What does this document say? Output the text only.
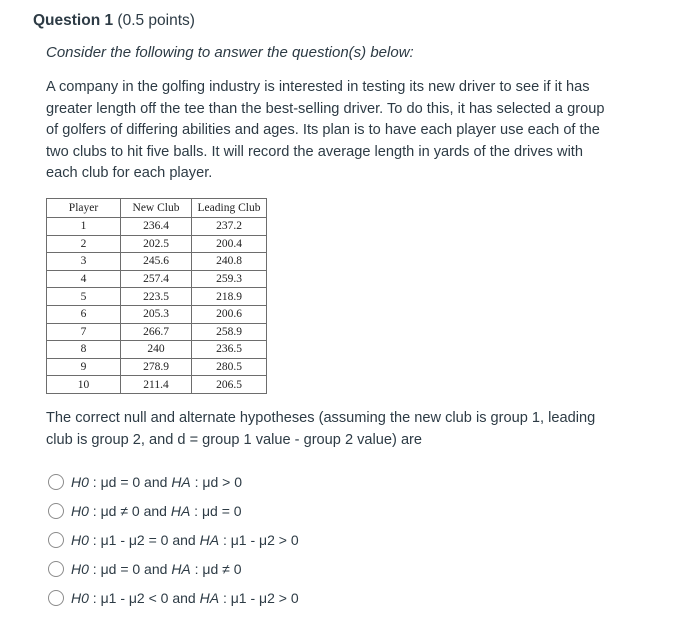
Question 1 (0.5 points)
Consider the following to answer the question(s) below:
A company in the golfing industry is interested in testing its new driver to see if it has greater length off the tee than the best-selling driver. To do this, it has selected a group of golfers of differing abilities and ages. Its plan is to have each player use each of the two clubs to hit five balls. It will record the average length in yards of the drives with each club for each player.
Player	New Club	Leading Club
1	236.4	237.2
2	202.5	200.4
3	245.6	240.8
4	257.4	259.3
5	223.5	218.9
6	205.3	200.6
7	266.7	258.9
8	240	236.5
9	278.9	280.5
10	211.4	206.5
The correct null and alternate hypotheses (assuming the new club is group 1, leading club is group 2, and d = group 1 value - group 2 value) are
H0 : μd = 0 and HA : μd > 0
H0 : μd ≠ 0 and HA : μd = 0
H0 : μ1 - μ2 = 0 and HA : μ1 - μ2 > 0
H0 : μd = 0 and HA : μd ≠ 0
H0 : μ1 - μ2 < 0 and HA : μ1 - μ2 > 0
